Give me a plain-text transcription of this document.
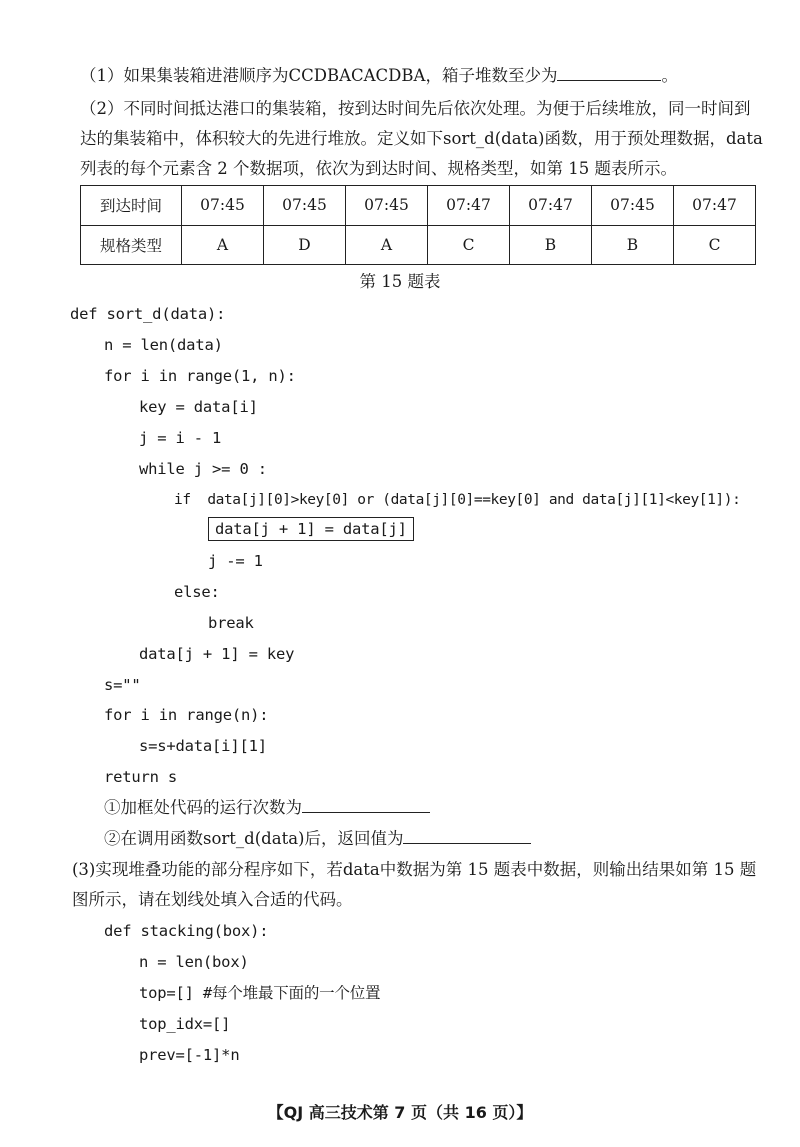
（1）如果集装箱进港顺序为CCDBACACDBA，箱子堆数至少为	。
（2）不同时间抵达港口的集装箱，按到达时间先后依次处理。为便于后续堆放，同一时间到
达的集装箱中，体积较大的先进行堆放。定义如下sort_d(data)函数，用于预处理数据，data
列表的每个元素含 2 个数据项，依次为到达时间、规格类型，如第 15 题表所示。
到达时间	07:45	07:45	07:45	07:47	07:47	07:45	07:47
规格类型	A	D	A	C	B	B	C
第 15 题表
def sort_d(data):
n = len(data)
for i in range(1, n):
key = data[i]
j = i - 1
while j >= 0 :
if  data[j][0]>key[0] or (data[j][0]==key[0] and data[j][1]<key[1]):
data[j + 1] = data[j]
j -= 1
else:
break
data[j + 1] = key
s=""
for i in range(n):
s=s+data[i][1]
return s
①加框处代码的运行次数为
②在调用函数sort_d(data)后，返回值为
(3)实现堆叠功能的部分程序如下，若data中数据为第 15 题表中数据，则输出结果如第 15 题
图所示，请在划线处填入合适的代码。
def stacking(box):
n = len(box)
top=[] #每个堆最下面的一个位置
top_idx=[]
prev=[-1]*n
【QJ 高三技术第 7 页（共 16 页）】
